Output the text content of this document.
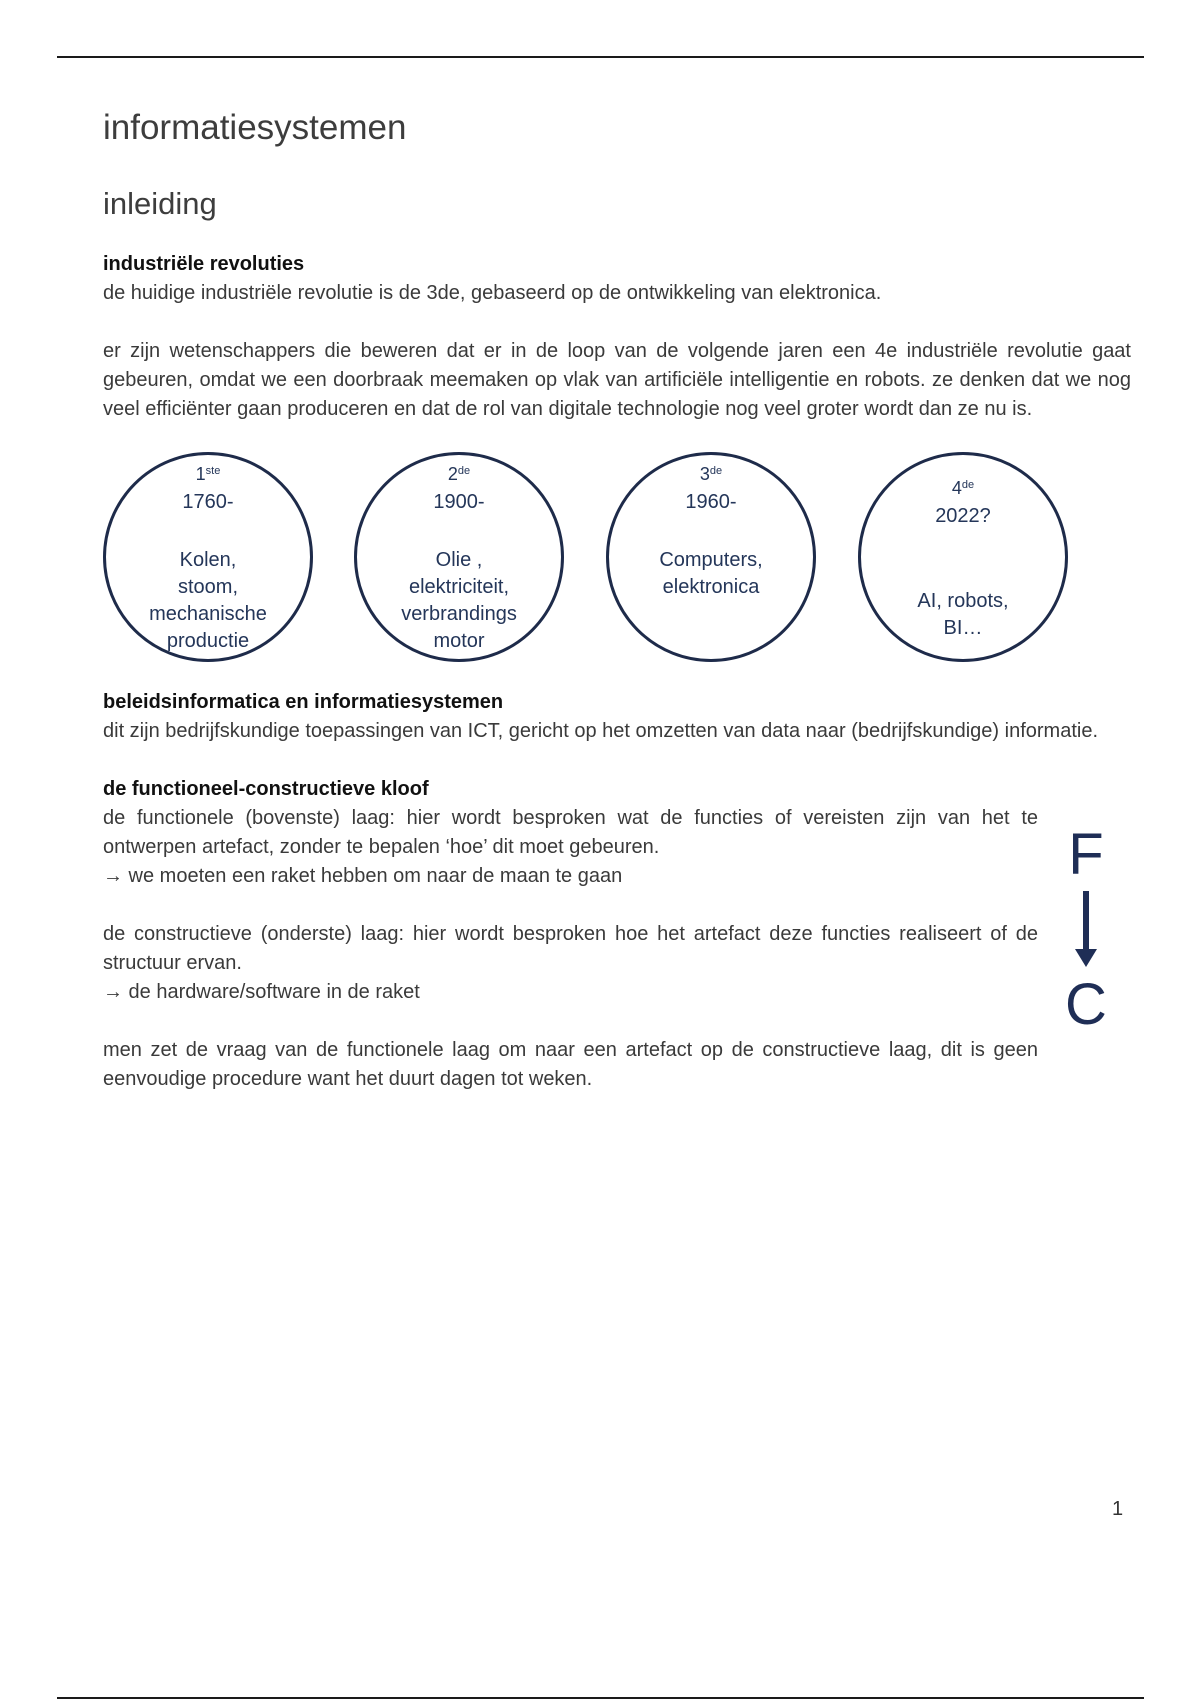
informatiesystemen
inleiding
industriële revoluties

de huidige industriële revolutie is de 3de, gebaseerd op de ontwikkeling van elektronica.

er zijn wetenschappers die beweren dat er in de loop van de volgende jaren een 4e industriële revolutie gaat gebeuren, omdat we een doorbraak meemaken op vlak van artificiële intelligentie en robots. ze denken dat we nog veel efficiënter gaan produceren en dat de rol van digitale technologie nog veel groter wordt dan ze nu is.

1ste
1760-
Kolen,
stoom,
mechanische
productie
2de
1900-
Olie ,
elektriciteit,
verbrandings
motor
3de
1960-
Computers,
elektronica
4de
2022?
AI, robots,
BI…
beleidsinformatica en informatiesystemen

dit zijn bedrijfskundige toepassingen van ICT, gericht op het omzetten van data naar (bedrijfskundige) informatie.

de functioneel-constructieve kloof

de functionele (bovenste) laag: hier wordt besproken wat de functies of vereisten zijn van het te ontwerpen artefact, zonder te bepalen ‘hoe’ dit moet gebeuren.

→ we moeten een raket hebben om naar de maan te gaan

de constructieve (onderste) laag: hier wordt besproken hoe het artefact deze functies realiseert of de structuur ervan.

→ de hardware/software in de raket

men zet de vraag van de functionele laag om naar een artefact op de constructieve laag, dit is geen eenvoudige procedure want het duurt dagen tot weken.

F
C
1
